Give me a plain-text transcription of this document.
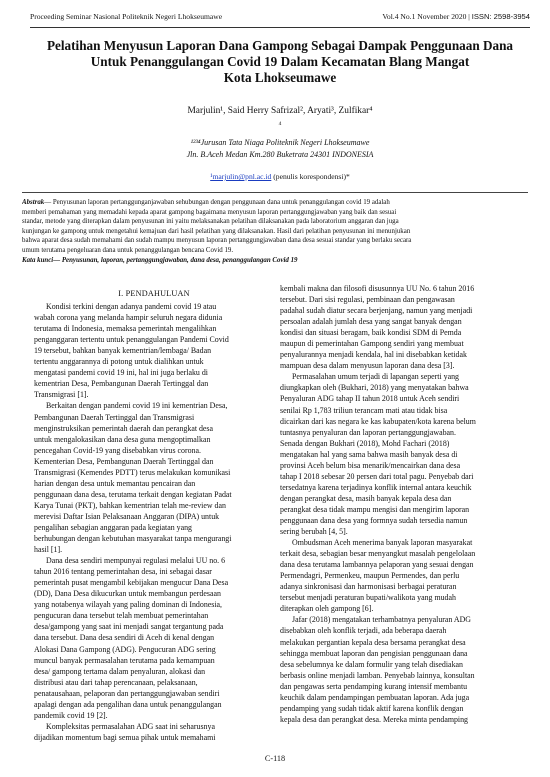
Proceeding Seminar Nasional Politeknik Negeri Lhokseumawe	Vol.4 No.1 November 2020 | ISSN: 2598-3954
Pelatihan Menyusun Laporan Dana Gampong Sebagai Dampak Penggunaan Dana
Untuk Penanggulangan Covid 19 Dalam Kecamatan Blang Mangat
Kota Lhokseumawe
Marjulin¹, Said Herry Safrizal², Aryati³, Zulfikar⁴
4
¹²³⁴Jurusan Tata Niaga Politeknik Negeri Lhokseumawe
Jln. B.Aceh Medan Km.280 Buketrata 24301 INDONESIA
¹marjulin@pnl.ac.id (penulis korespondensi)*
Abstrak— Penyusunan laporan pertanggunganjawaban sehubungan dengan penggunaan dana untuk penanggulangan covid 19 adalah
memberi pemahaman yang memadahi kepada aparat gampong bagaimana menyusun laporan pertanggungjawaban yang baik dan sesuai
standar, metode yang diterapkan dalam penyusunan ini yaitu melaksanakan pelatihan dilaksanakan pada laboratorium anggaran dan juga
kunjungan ke gampong untuk mengetahui kemajuan dari hasil pelatihan yang dilaksanakan. Hasil dari pelatihan penyusunan ini menunjukan
bahwa aparat desa sudah memahami dan sudah mampu menyusun laporan pertanggungjawaban dana desa sesuai standar yang berlaku secara
umum terutama pengeluaran dana untuk penanggulangan bencana Covid 19.
Kata kunci— Penyusunan, laporan, pertanggungjawaban, dana desa, penanggulangan Covid 19
I. PENDAHULUAN
Kondisi terkini dengan adanya pandemi covid 19 atau
wabah corona yang melanda hampir seluruh negara didunia
terutama di Indonesia, memaksa pemerintah mengalihkan
penganggaran tertentu untuk penanggulangan Pandemi Covid
19 tersebut, bahkan banyak kementrian/lembaga/ Badan
tertentu anggarannya di potong untuk dialihkan untuk
mengatasi pandemi covid 19 ini, hal ini juga berlaku di
kementrian Desa, Pembangunan Daerah Tertinggal dan
Transmigrasi [1].
Berkaitan dengan pandemi covid 19 ini kementrian Desa,
Pembangunan Daerah Tertinggal dan Transmigrasi
menginstruksikan pemerintah daerah dan perangkat desa
untuk mengalokasikan dana desa guna mengoptimalkan
pencegahan Covid-19 yang disebabkan virus corona.
Kementerian Desa, Pembangunan Daerah Tertinggal dan
Transmigrasi (Kemendes PDTT) terus melakukan komunikasi
harian dengan desa untuk memantau pencairan dan
penggunaan dana desa, terutama terkait dengan kegiatan Padat
Karya Tunai (PKT), bahkan kementrian telah me-review dan
merevisi Daftar Isian Pelaksanaan Anggaran (DIPA) untuk
pengalihan sebagian anggaran pada kegiatan yang
berhubungan dengan kebutuhan masyarakat tanpa mengurangi
hasil [1].
Dana desa sendiri mempunyai regulasi melalui UU no. 6
tahun 2016 tentang pemerintahan desa, ini sebagai dasar
pemerintah pusat mengambil kebijakan mengucur Dana Desa
(DD), Dana Desa dikucurkan untuk membangun perdesaan
yang notabenya wilayah yang paling dominan di Indonesia,
pengucuran dana tersebut telah membuat pemerintahan
desa/gampong yang saat ini menjadi sangat tergantung pada
dana tersebut. Dana desa sendiri di Aceh di kenal dengan
Alokasi Dana Gampong (ADG). Pengucuran ADG sering
muncul banyak permasalahan terutama pada kemampuan
desa/ gampong tertama dalam penyaluran, alokasi dan
distribusi atau dari tahap perencanaan, pelaksanaan,
penatausahaan, pelaporan dan pertanggungjawaban sendiri
apalagi dengan ada pengalihan dana untuk penanggulangan
pandemik covid 19 [2].
Kompleksitas permasalahan ADG saat ini seharusnya
dijadikan momentum bagi semua pihak untuk memahami
kembali makna dan filosofi disusunnya UU No. 6 tahun 2016
tersebut. Dari sisi regulasi, pembinaan dan pengawasan
padahal sudah diatur secara berjenjang, namun yang menjadi
persoalan adalah jumlah desa yang sangat banyak dengan
kondisi dan situasi beragam, baik kondisi SDM di Pemda
maupun di pemerintahan Gampong sendiri yang membuat
penyalurannya menjadi kendala, hal ini disebabkan ketidak
mampuan desa dalam menyusun laporan dana desa [3].
Permasalahan umum terjadi di lapangan seperti yang
diungkapkan oleh (Bukhari, 2018) yang menyatakan bahwa
Penyaluran ADG tahap II tahun 2018 untuk Aceh sendiri
senilai Rp 1,783 triliun terancam mati atau tidak bisa
dicairkan dari kas negara ke kas kabupaten/kota karena belum
tuntasnya penyaluran dan laporan pertanggungjawaban.
Senada dengan Bukhari (2018), Mohd Fachari (2018)
mengatakan hal yang sama bahwa masih banyak desa di
provinsi Aceh belum bisa menarik/mencairkan dana desa
tahap I 2018 sebesar 20 persen dari total pagu. Penyebab dari
tersedatnya karena terjadinya konflik internal antara keuchik
dengan perangkat desa, masih banyak kepala desa dan
perangkat desa tidak mampu mengisi dan mengirim laporan
penggunaan dana desa yang formnya sudah tersedia namun
sering berubah [4, 5].
Ombudsman Aceh menerima banyak laporan masyarakat
terkait desa, sebagian besar menyangkut masalah pengelolaan
dana desa terutama lambannya pelaporan yang sesuai dengan
Permendagri, Permenkeu, maupun Permendes, dan perlu
adanya sinkronisasi dan harmonisasi berbagai peraturan
tersebut menjadi peraturan bupati/walikota yang mudah
diterapkan oleh gampong [6].
Jafar (2018) mengatakan terhambatnya penyaluran ADG
disebabkan oleh konflik terjadi, ada beberapa daerah
melakukan pergantian kepala desa bersama perangkat desa
sehingga membuat laporan dan pengisian penggunaan dana
desa sebelumnya ke dalam formulir yang telah disediakan
berbasis online menjadi lamban. Penyebab lainnya, konsultan
dan pengawas serta pendamping kurang intensif membantu
keuchik dalam pendampingan pembuatan laporan. Ada juga
pendamping yang sudah tidak aktif karena konflik dengan
kepala desa dan perangkat desa. Mereka minta pendamping
C-118
